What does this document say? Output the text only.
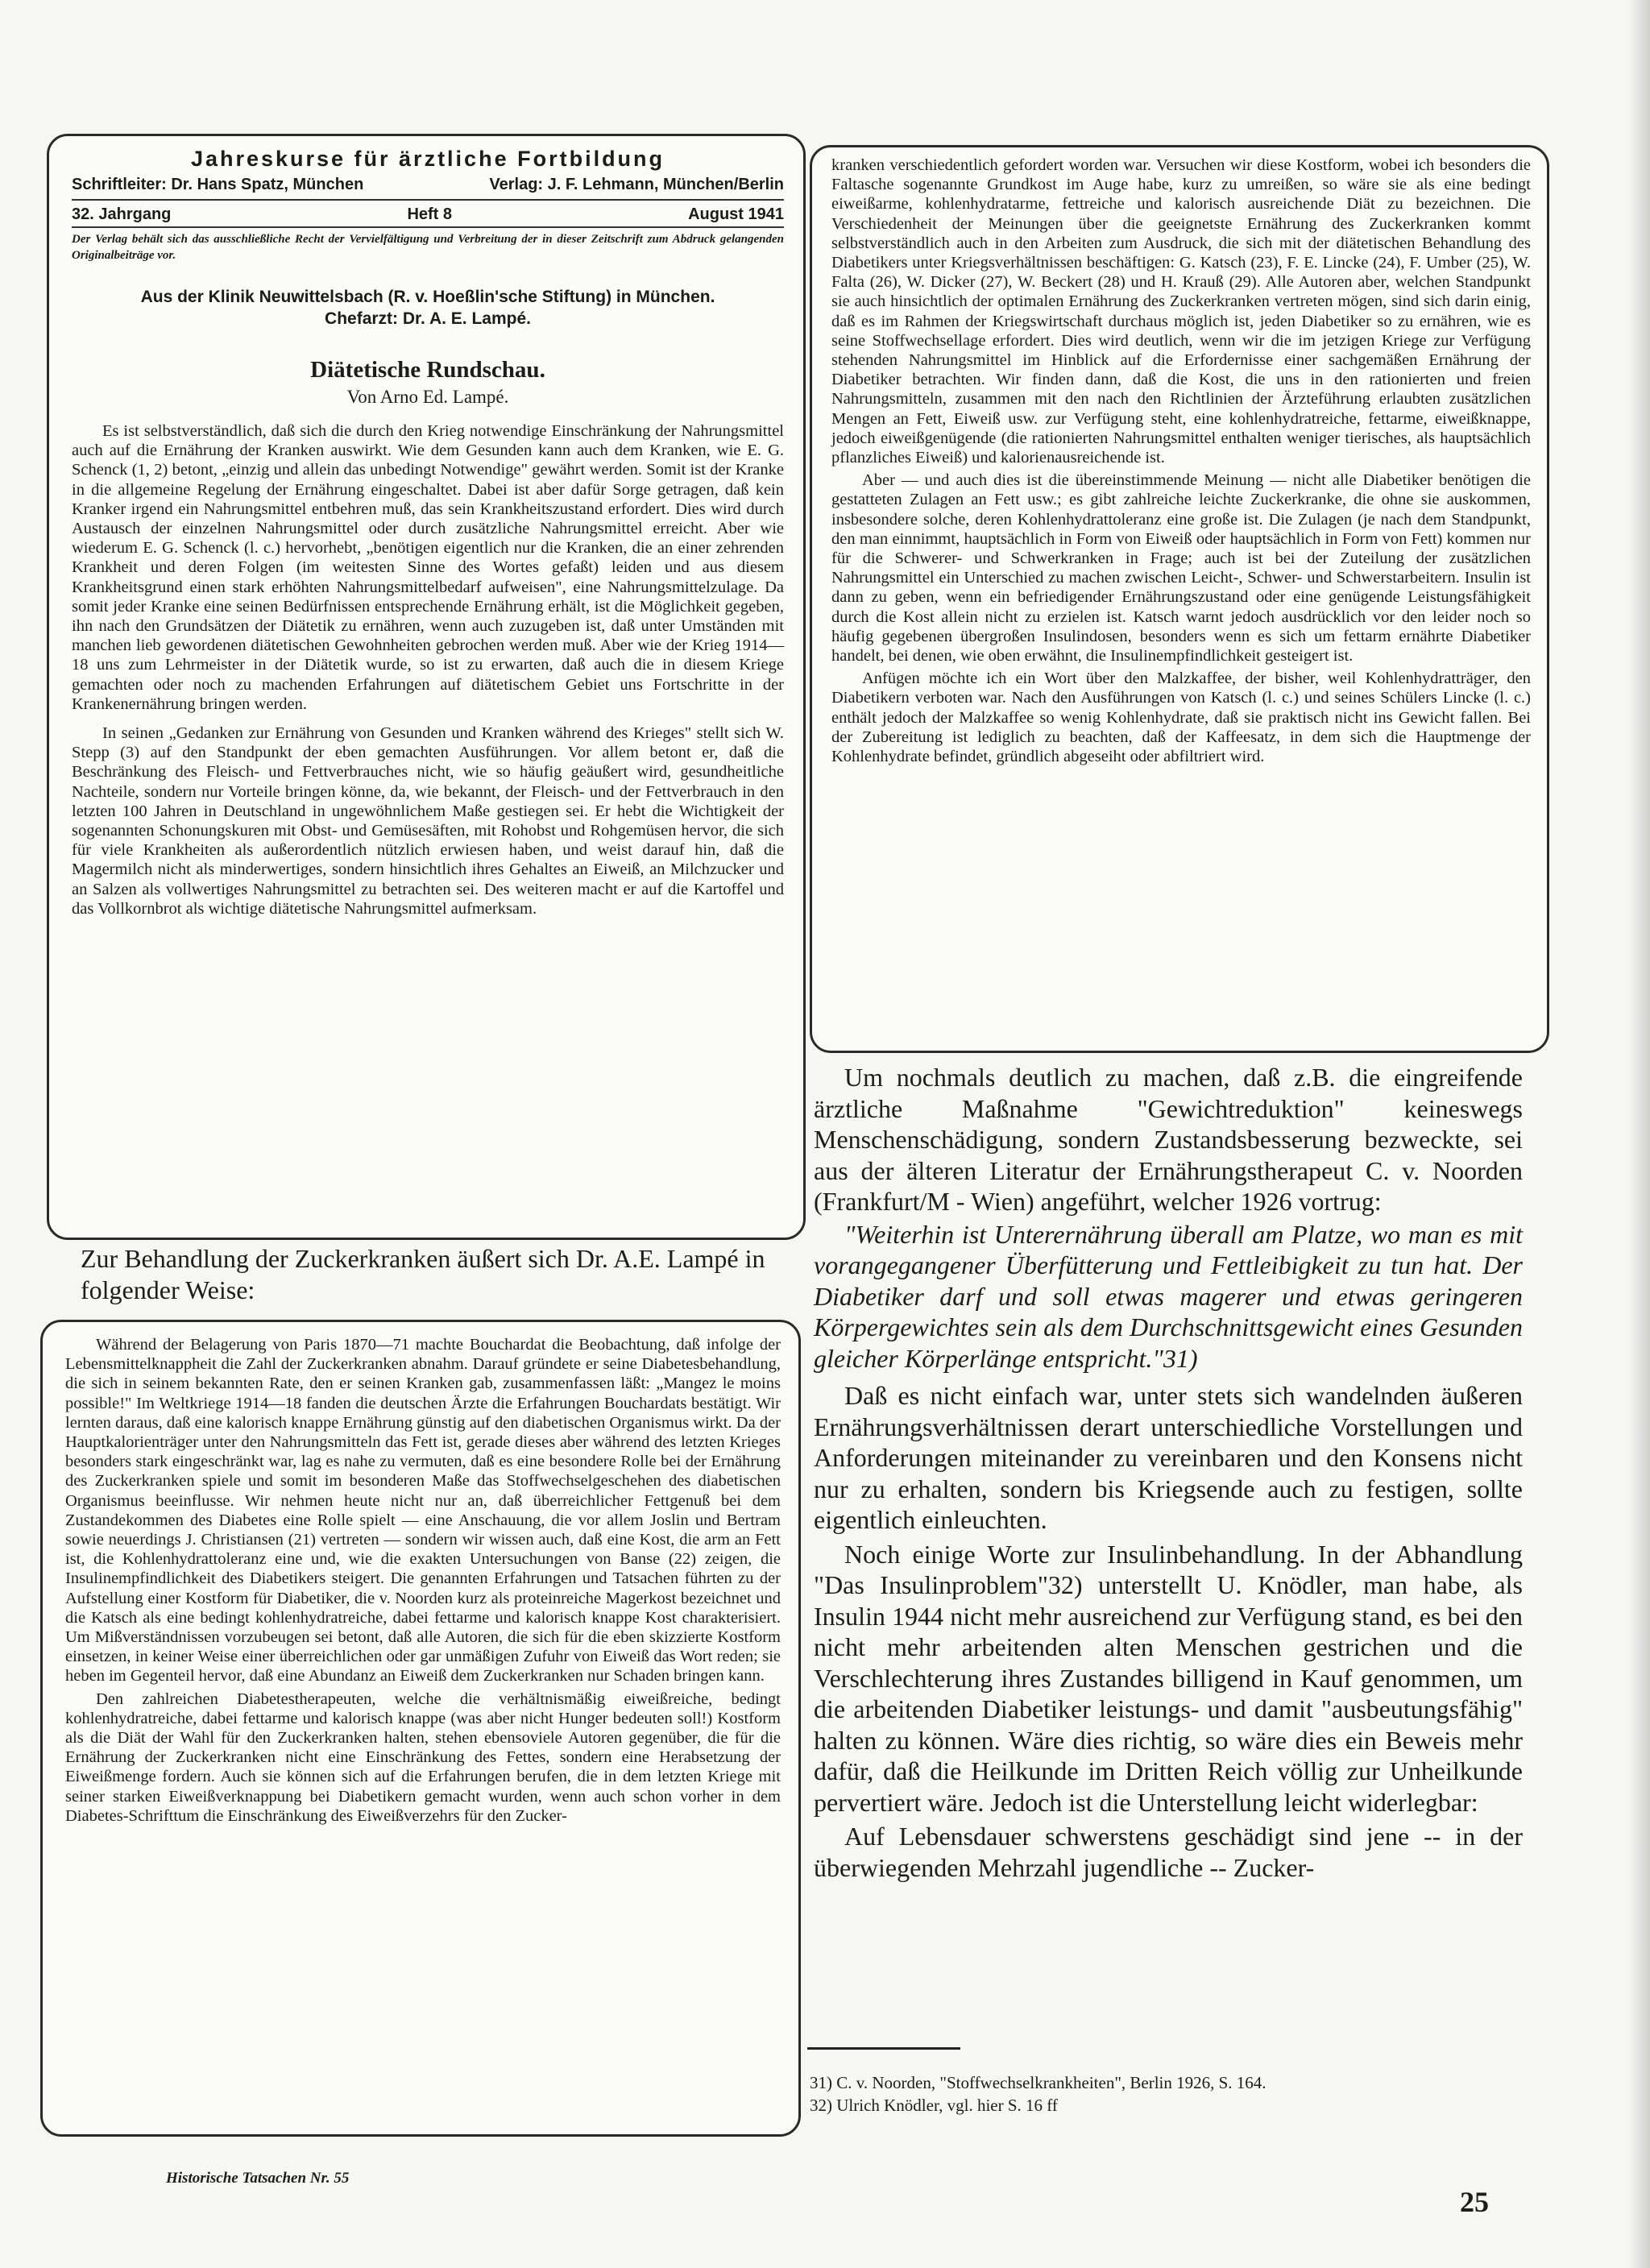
Jahreskurse für ärztliche Fortbildung
Schriftleiter: Dr. Hans Spatz, München	Verlag: J. F. Lehmann, München/Berlin
32. Jahrgang	Heft 8	August 1941
Der Verlag behält sich das ausschließliche Recht der Vervielfältigung und Verbreitung der in dieser Zeitschrift zum Abdruck gelangenden Originalbeiträge vor.
Aus der Klinik Neuwittelsbach (R. v. Hoeßlin'sche Stiftung) in München.
Chefarzt: Dr. A. E. Lampé.
Diätetische Rundschau.
Von Arno Ed. Lampé.

Es ist selbstverständlich, daß sich die durch den Krieg notwendige Einschränkung der Nahrungsmittel auch auf die Ernährung der Kranken auswirkt. Wie dem Gesunden kann auch dem Kranken, wie E. G. Schenck (1, 2) betont, „einzig und allein das unbedingt Notwendige" gewährt werden. Somit ist der Kranke in die allgemeine Regelung der Ernährung eingeschaltet. Dabei ist aber dafür Sorge getragen, daß kein Kranker irgend ein Nahrungsmittel entbehren muß, das sein Krankheitszustand erfordert. Dies wird durch Austausch der einzelnen Nahrungsmittel oder durch zusätzliche Nahrungsmittel erreicht. Aber wie wiederum E. G. Schenck (l. c.) hervorhebt, „benötigen eigentlich nur die Kranken, die an einer zehrenden Krankheit und deren Folgen (im weitesten Sinne des Wortes gefaßt) leiden und aus diesem Krankheitsgrund einen stark erhöhten Nahrungsmittelbedarf aufweisen", eine Nahrungsmittelzulage. Da somit jeder Kranke eine seinen Bedürfnissen entsprechende Ernährung erhält, ist die Möglichkeit gegeben, ihn nach den Grundsätzen der Diätetik zu ernähren, wenn auch zuzugeben ist, daß unter Umständen mit manchen lieb gewordenen diätetischen Gewohnheiten gebrochen werden muß. Aber wie der Krieg 1914—18 uns zum Lehrmeister in der Diätetik wurde, so ist zu erwarten, daß auch die in diesem Kriege gemachten oder noch zu machenden Erfahrungen auf diätetischem Gebiet uns Fortschritte in der Krankenernährung bringen werden.

In seinen „Gedanken zur Ernährung von Gesunden und Kranken während des Krieges" stellt sich W. Stepp (3) auf den Standpunkt der eben gemachten Ausführungen. Vor allem betont er, daß die Beschränkung des Fleisch- und Fettverbrauches nicht, wie so häufig geäußert wird, gesundheitliche Nachteile, sondern nur Vorteile bringen könne, da, wie bekannt, der Fleisch- und der Fettverbrauch in den letzten 100 Jahren in Deutschland in ungewöhnlichem Maße gestiegen sei. Er hebt die Wichtigkeit der sogenannten Schonungskuren mit Obst- und Gemüsesäften, mit Rohobst und Rohgemüsen hervor, die sich für viele Krankheiten als außerordentlich nützlich erwiesen haben, und weist darauf hin, daß die Magermilch nicht als minderwertiges, sondern hinsichtlich ihres Gehaltes an Eiweiß, an Milchzucker und an Salzen als vollwertiges Nahrungsmittel zu betrachten sei. Des weiteren macht er auf die Kartoffel und das Vollkornbrot als wichtige diätetische Nahrungsmittel aufmerksam.

Zur Behandlung der Zuckerkranken äußert sich Dr. A.E. Lampé in folgender Weise:

Während der Belagerung von Paris 1870—71 machte Bouchardat die Beobachtung, daß infolge der Lebensmittelknappheit die Zahl der Zuckerkranken abnahm. Darauf gründete er seine Diabetesbehandlung, die sich in seinem bekannten Rate, den er seinen Kranken gab, zusammenfassen läßt: „Mangez le moins possible!" Im Weltkriege 1914—18 fanden die deutschen Ärzte die Erfahrungen Bouchardats bestätigt. Wir lernten daraus, daß eine kalorisch knappe Ernährung günstig auf den diabetischen Organismus wirkt. Da der Hauptkalorienträger unter den Nahrungsmitteln das Fett ist, gerade dieses aber während des letzten Krieges besonders stark eingeschränkt war, lag es nahe zu vermuten, daß es eine besondere Rolle bei der Ernährung des Zuckerkranken spiele und somit im besonderen Maße das Stoffwechselgeschehen des diabetischen Organismus beeinflusse. Wir nehmen heute nicht nur an, daß überreichlicher Fettgenuß bei dem Zustandekommen des Diabetes eine Rolle spielt — eine Anschauung, die vor allem Joslin und Bertram sowie neuerdings J. Christiansen (21) vertreten — sondern wir wissen auch, daß eine Kost, die arm an Fett ist, die Kohlenhydrattoleranz eine und, wie die exakten Untersuchungen von Banse (22) zeigen, die Insulinempfindlichkeit des Diabetikers steigert. Die genannten Erfahrungen und Tatsachen führten zu der Aufstellung einer Kostform für Diabetiker, die v. Noorden kurz als proteinreiche Magerkost bezeichnet und die Katsch als eine bedingt kohlenhydratreiche, dabei fettarme und kalorisch knappe Kost charakterisiert. Um Mißverständnissen vorzubeugen sei betont, daß alle Autoren, die sich für die eben skizzierte Kostform einsetzen, in keiner Weise einer überreichlichen oder gar unmäßigen Zufuhr von Eiweiß das Wort reden; sie heben im Gegenteil hervor, daß eine Abundanz an Eiweiß dem Zuckerkranken nur Schaden bringen kann.

Den zahlreichen Diabetestherapeuten, welche die verhältnismäßig eiweißreiche, bedingt kohlenhydratreiche, dabei fettarme und kalorisch knappe (was aber nicht Hunger bedeuten soll!) Kostform als die Diät der Wahl für den Zuckerkranken halten, stehen ebensoviele Autoren gegenüber, die für die Ernährung der Zuckerkranken nicht eine Einschränkung des Fettes, sondern eine Herabsetzung der Eiweißmenge fordern. Auch sie können sich auf die Erfahrungen berufen, die in dem letzten Kriege mit seiner starken Eiweißverknappung bei Diabetikern gemacht wurden, wenn auch schon vorher in dem Diabetes-Schrifttum die Einschränkung des Eiweißverzehrs für den Zucker-

kranken verschiedentlich gefordert worden war. Versuchen wir diese Kostform, wobei ich besonders die Faltasche sogenannte Grundkost im Auge habe, kurz zu umreißen, so wäre sie als eine bedingt eiweißarme, kohlenhydratarme, fettreiche und kalorisch ausreichende Diät zu bezeichnen. Die Verschiedenheit der Meinungen über die geeignetste Ernährung des Zuckerkranken kommt selbstverständlich auch in den Arbeiten zum Ausdruck, die sich mit der diätetischen Behandlung des Diabetikers unter Kriegsverhältnissen beschäftigen: G. Katsch (23), F. E. Lincke (24), F. Umber (25), W. Falta (26), W. Dicker (27), W. Beckert (28) und H. Krauß (29). Alle Autoren aber, welchen Standpunkt sie auch hinsichtlich der optimalen Ernährung des Zuckerkranken vertreten mögen, sind sich darin einig, daß es im Rahmen der Kriegswirtschaft durchaus möglich ist, jeden Diabetiker so zu ernähren, wie es seine Stoffwechsellage erfordert. Dies wird deutlich, wenn wir die im jetzigen Kriege zur Verfügung stehenden Nahrungsmittel im Hinblick auf die Erfordernisse einer sachgemäßen Ernährung der Diabetiker betrachten. Wir finden dann, daß die Kost, die uns in den rationierten und freien Nahrungsmitteln, zusammen mit den nach den Richtlinien der Ärzteführung erlaubten zusätzlichen Mengen an Fett, Eiweiß usw. zur Verfügung steht, eine kohlenhydratreiche, fettarme, eiweißknappe, jedoch eiweißgenügende (die rationierten Nahrungsmittel enthalten weniger tierisches, als hauptsächlich pflanzliches Eiweiß) und kalorienausreichende ist.

Aber — und auch dies ist die übereinstimmende Meinung — nicht alle Diabetiker benötigen die gestatteten Zulagen an Fett usw.; es gibt zahlreiche leichte Zuckerkranke, die ohne sie auskommen, insbesondere solche, deren Kohlenhydrattoleranz eine große ist. Die Zulagen (je nach dem Standpunkt, den man einnimmt, hauptsächlich in Form von Eiweiß oder hauptsächlich in Form von Fett) kommen nur für die Schwerer- und Schwerkranken in Frage; auch ist bei der Zuteilung der zusätzlichen Nahrungsmittel ein Unterschied zu machen zwischen Leicht-, Schwer- und Schwerstarbeitern. Insulin ist dann zu geben, wenn ein befriedigender Ernährungszustand oder eine genügende Leistungsfähigkeit durch die Kost allein nicht zu erzielen ist. Katsch warnt jedoch ausdrücklich vor den leider noch so häufig gegebenen übergroßen Insulindosen, besonders wenn es sich um fettarm ernährte Diabetiker handelt, bei denen, wie oben erwähnt, die Insulinempfindlichkeit gesteigert ist.

Anfügen möchte ich ein Wort über den Malzkaffee, der bisher, weil Kohlenhydratträger, den Diabetikern verboten war. Nach den Ausführungen von Katsch (l. c.) und seines Schülers Lincke (l. c.) enthält jedoch der Malzkaffee so wenig Kohlenhydrate, daß sie praktisch nicht ins Gewicht fallen. Bei der Zubereitung ist lediglich zu beachten, daß der Kaffeesatz, in dem sich die Hauptmenge der Kohlenhydrate befindet, gründlich abgeseiht oder abfiltriert wird.

Um nochmals deutlich zu machen, daß z.B. die eingreifende ärztliche Maßnahme "Gewichtreduktion" keineswegs Menschenschädigung, sondern Zustandsbesserung bezweckte, sei aus der älteren Literatur der Ernährungstherapeut C. v. Noorden (Frankfurt/M - Wien) angeführt, welcher 1926 vortrug:

"Weiterhin ist Unterernährung überall am Platze, wo man es mit vorangegangener Überfütterung und Fettleibigkeit zu tun hat. Der Diabetiker darf und soll etwas magerer und etwas geringeren Körpergewichtes sein als dem Durchschnittsgewicht eines Gesunden gleicher Körperlänge entspricht."31)

Daß es nicht einfach war, unter stets sich wandelnden äußeren Ernährungsverhältnissen derart unterschiedliche Vorstellungen und Anforderungen miteinander zu vereinbaren und den Konsens nicht nur zu erhalten, sondern bis Kriegsende auch zu festigen, sollte eigentlich einleuchten.

Noch einige Worte zur Insulinbehandlung. In der Abhandlung "Das Insulinproblem"32) unterstellt U. Knödler, man habe, als Insulin 1944 nicht mehr ausreichend zur Verfügung stand, es bei den nicht mehr arbeitenden alten Menschen gestrichen und die Verschlechterung ihres Zustandes billigend in Kauf genommen, um die arbeitenden Diabetiker leistungs- und damit "ausbeutungsfähig" halten zu können. Wäre dies richtig, so wäre dies ein Beweis mehr dafür, daß die Heilkunde im Dritten Reich völlig zur Unheilkunde pervertiert wäre. Jedoch ist die Unterstellung leicht widerlegbar:

Auf Lebensdauer schwerstens geschädigt sind jene -- in der überwiegenden Mehrzahl jugendliche -- Zucker-

31) C. v. Noorden, "Stoffwechselkrankheiten", Berlin 1926, S. 164.
32) Ulrich Knödler, vgl. hier S. 16 ff
Historische Tatsachen Nr. 55
25
